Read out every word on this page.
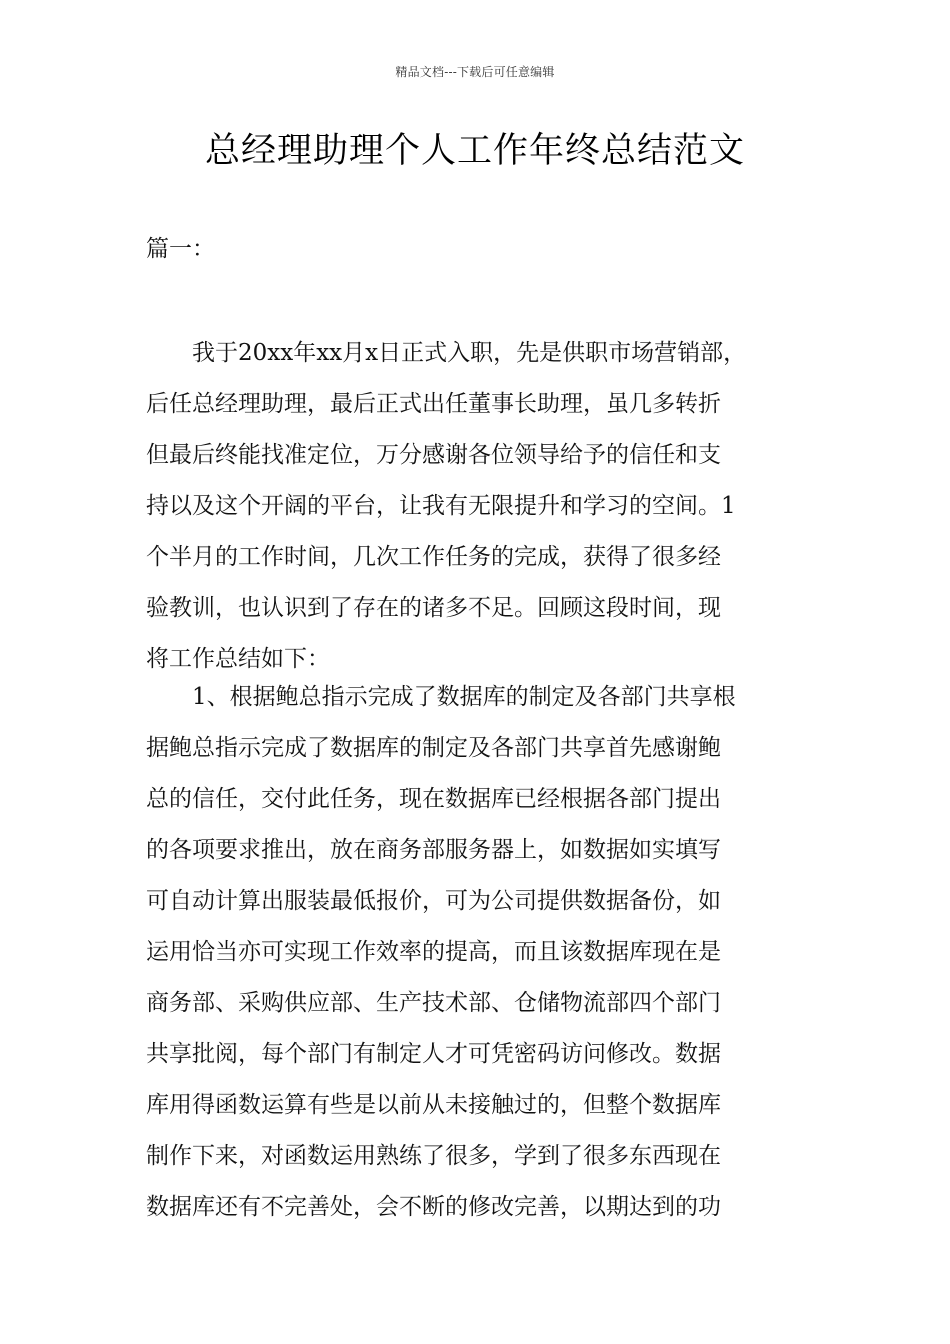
精品文档---下载后可任意编辑
总经理助理个人工作年终总结范文
篇一：
　　我于20xx年xx月x日正式入职，先是供职市场营销部，
后任总经理助理，最后正式出任董事长助理，虽几多转折
但最后终能找准定位，万分感谢各位领导给予的信任和支
持以及这个开阔的平台，让我有无限提升和学习的空间。1
个半月的工作时间，几次工作任务的完成，获得了很多经
验教训，也认识到了存在的诸多不足。回顾这段时间，现
将工作总结如下：
　　1、根据鲍总指示完成了数据库的制定及各部门共享根
据鲍总指示完成了数据库的制定及各部门共享首先感谢鲍
总的信任，交付此任务，现在数据库已经根据各部门提出
的各项要求推出，放在商务部服务器上，如数据如实填写
可自动计算出服装最低报价，可为公司提供数据备份，如
运用恰当亦可实现工作效率的提高，而且该数据库现在是
商务部、采购供应部、生产技术部、仓储物流部四个部门
共享批阅，每个部门有制定人才可凭密码访问修改。数据
库用得函数运算有些是以前从未接触过的，但整个数据库
制作下来，对函数运用熟练了很多，学到了很多东西现在
数据库还有不完善处，会不断的修改完善，以期达到的功
